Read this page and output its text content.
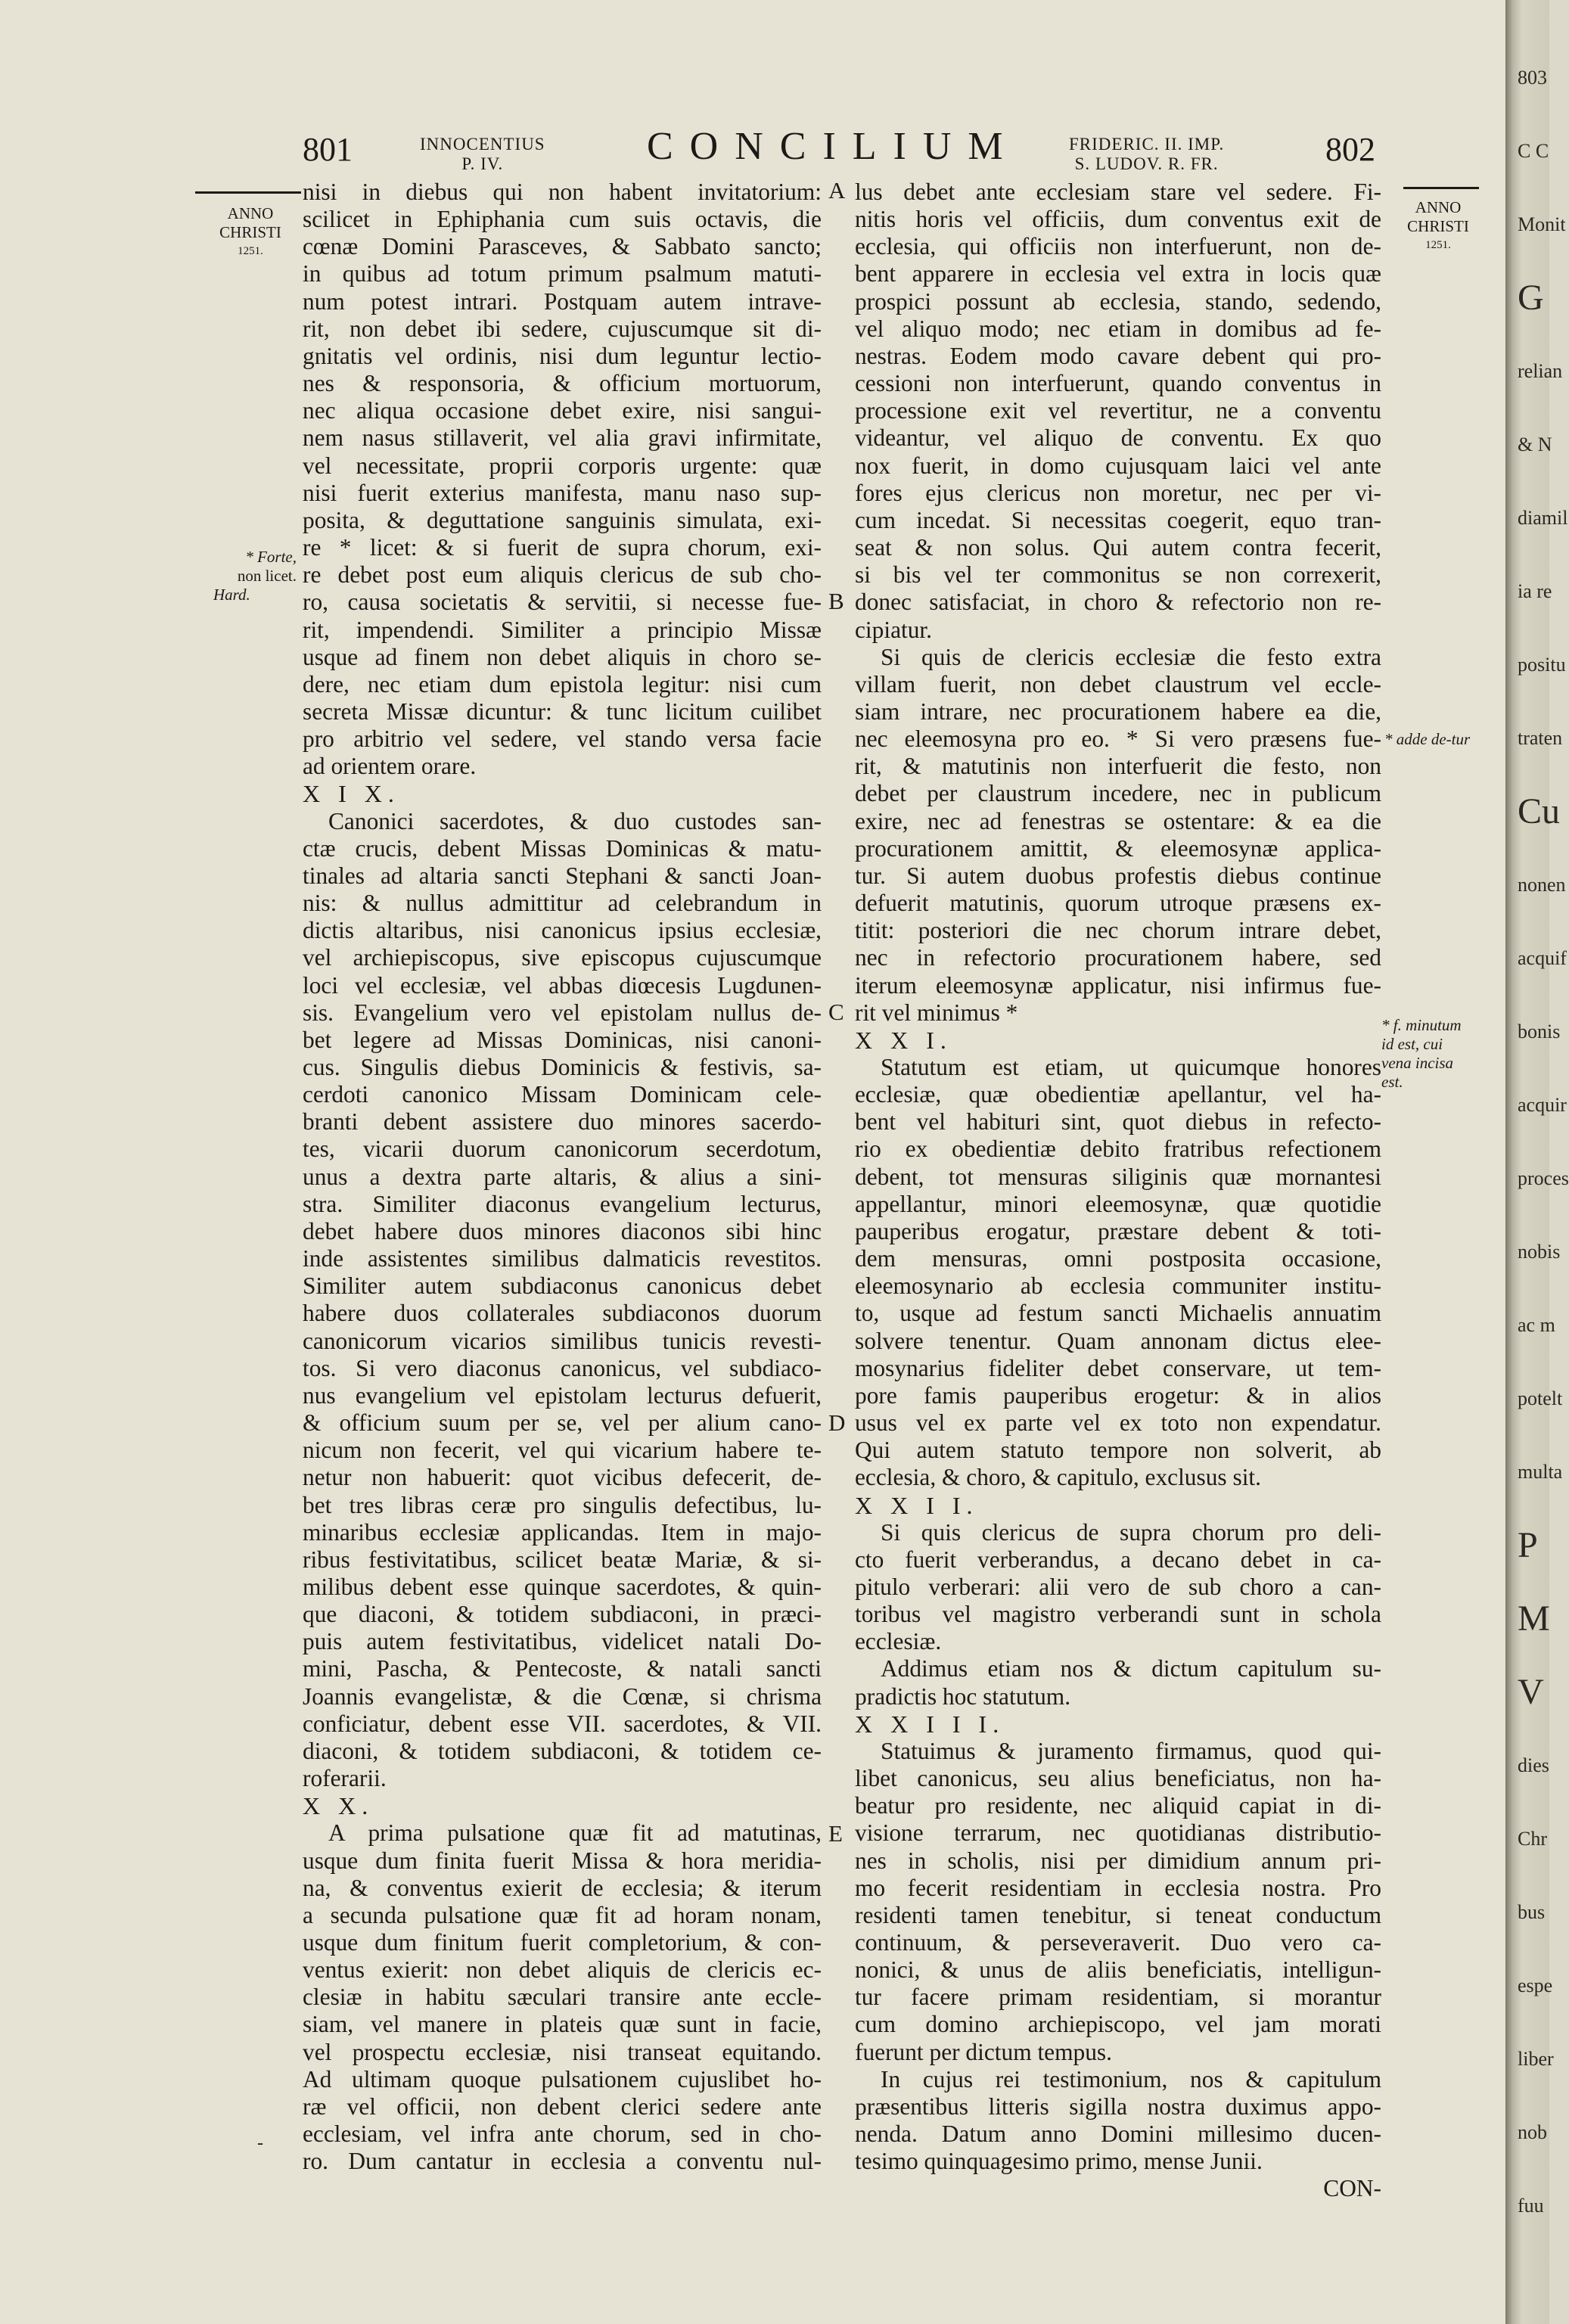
801	INNOCENTIUS
P. IV.	CONCILIUM	FRIDERIC. II. IMP.
S. LUDOV. R. FR.	802
ANNO
CHRISTI
1251.
ANNO
CHRISTI
1251.
* Forte,
non licet.
Hard.
* adde de-tur
* f. minutum
id est, cui
vena incisa
est.
-
A
B
C
D
E

nisi in diebus qui non habent invitatorium:

scilicet in Ephiphania cum suis octavis, die

cœnæ Domini Parasceves, & Sabbato sancto;

in quibus ad totum primum psalmum matuti-

num potest intrari. Postquam autem intrave-

rit, non debet ibi sedere, cujuscumque sit di-

gnitatis vel ordinis, nisi dum leguntur lectio-

nes & responsoria, & officium mortuorum,

nec aliqua occasione debet exire, nisi sangui-

nem nasus stillaverit, vel alia gravi infirmitate,

vel necessitate, proprii corporis urgente: quæ

nisi fuerit exterius manifesta, manu naso sup-

posita, & deguttatione sanguinis simulata, exi-

re * licet: & si fuerit de supra chorum, exi-

re debet post eum aliquis clericus de sub cho-

ro, causa societatis & servitii, si necesse fue-

rit, impendendi. Similiter a principio Missæ

usque ad finem non debet aliquis in choro se-

dere, nec etiam dum epistola legitur: nisi cum

secreta Missæ dicuntur: & tunc licitum cuilibet

pro arbitrio vel sedere, vel stando versa facie

ad orientem orare.

X I X.

Canonici sacerdotes, & duo custodes san-

ctæ crucis, debent Missas Dominicas & matu-

tinales ad altaria sancti Stephani & sancti Joan-

nis: & nullus admittitur ad celebrandum in

dictis altaribus, nisi canonicus ipsius ecclesiæ,

vel archiepiscopus, sive episcopus cujuscumque

loci vel ecclesiæ, vel abbas diœcesis Lugdunen-

sis. Evangelium vero vel epistolam nullus de-

bet legere ad Missas Dominicas, nisi canoni-

cus. Singulis diebus Dominicis & festivis, sa-

cerdoti canonico Missam Dominicam cele-

branti debent assistere duo minores sacerdo-

tes, vicarii duorum canonicorum secerdotum,

unus a dextra parte altaris, & alius a sini-

stra. Similiter diaconus evangelium lecturus,

debet habere duos minores diaconos sibi hinc

inde assistentes similibus dalmaticis revestitos.

Similiter autem subdiaconus canonicus debet

habere duos collaterales subdiaconos duorum

canonicorum vicarios similibus tunicis revesti-

tos. Si vero diaconus canonicus, vel subdiaco-

nus evangelium vel epistolam lecturus defuerit,

& officium suum per se, vel per alium cano-

nicum non fecerit, vel qui vicarium habere te-

netur non habuerit: quot vicibus defecerit, de-

bet tres libras ceræ pro singulis defectibus, lu-

minaribus ecclesiæ applicandas. Item in majo-

ribus festivitatibus, scilicet beatæ Mariæ, & si-

milibus debent esse quinque sacerdotes, & quin-

que diaconi, & totidem subdiaconi, in præci-

puis autem festivitatibus, videlicet natali Do-

mini, Pascha, & Pentecoste, & natali sancti

Joannis evangelistæ, & die Cœnæ, si chrisma

conficiatur, debent esse VII. sacerdotes, & VII.

diaconi, & totidem subdiaconi, & totidem ce-

roferarii.

X X.

A prima pulsatione quæ fit ad matutinas,

usque dum finita fuerit Missa & hora meridia-

na, & conventus exierit de ecclesia; & iterum

a secunda pulsatione quæ fit ad horam nonam,

usque dum finitum fuerit completorium, & con-

ventus exierit: non debet aliquis de clericis ec-

clesiæ in habitu sæculari transire ante eccle-

siam, vel manere in plateis quæ sunt in facie,

vel prospectu ecclesiæ, nisi transeat equitando.

Ad ultimam quoque pulsationem cujuslibet ho-

ræ vel officii, non debent clerici sedere ante

ecclesiam, vel infra ante chorum, sed in cho-

ro. Dum cantatur in ecclesia a conventu nul-

lus debet ante ecclesiam stare vel sedere. Fi-

nitis horis vel officiis, dum conventus exit de

ecclesia, qui officiis non interfuerunt, non de-

bent apparere in ecclesia vel extra in locis quæ

prospici possunt ab ecclesia, stando, sedendo,

vel aliquo modo; nec etiam in domibus ad fe-

nestras. Eodem modo cavare debent qui pro-

cessioni non interfuerunt, quando conventus in

processione exit vel revertitur, ne a conventu

videantur, vel aliquo de conventu. Ex quo

nox fuerit, in domo cujusquam laici vel ante

fores ejus clericus non moretur, nec per vi-

cum incedat. Si necessitas coegerit, equo tran-

seat & non solus. Qui autem contra fecerit,

si bis vel ter commonitus se non correxerit,

donec satisfaciat, in choro & refectorio non re-

cipiatur.

Si quis de clericis ecclesiæ die festo extra

villam fuerit, non debet claustrum vel eccle-

siam intrare, nec procurationem habere ea die,

nec eleemosyna pro eo. * Si vero præsens fue-

rit, & matutinis non interfuerit die festo, non

debet per claustrum incedere, nec in publicum

exire, nec ad fenestras se ostentare: & ea die

procurationem amittit, & eleemosynæ applica-

tur. Si autem duobus profestis diebus continue

defuerit matutinis, quorum utroque præsens ex-

titit: posteriori die nec chorum intrare debet,

nec in refectorio procurationem habere, sed

iterum eleemosynæ applicatur, nisi infirmus fue-

rit vel minimus *

X X I.

Statutum est etiam, ut quicumque honores

ecclesiæ, quæ obedientiæ apellantur, vel ha-

bent vel habituri sint, quot diebus in refecto-

rio ex obedientiæ debito fratribus refectionem

debent, tot mensuras siliginis quæ mornantesi

appellantur, minori eleemosynæ, quæ quotidie

pauperibus erogatur, præstare debent & toti-

dem mensuras, omni postposita occasione,

eleemosynario ab ecclesia communiter institu-

to, usque ad festum sancti Michaelis annuatim

solvere tenentur. Quam annonam dictus elee-

mosynarius fideliter debet conservare, ut tem-

pore famis pauperibus erogetur: & in alios

usus vel ex parte vel ex toto non expendatur.

Qui autem statuto tempore non solverit, ab

ecclesia, & choro, & capitulo, exclusus sit.

X X I I.

Si quis clericus de supra chorum pro deli-

cto fuerit verberandus, a decano debet in ca-

pitulo verberari: alii vero de sub choro a can-

toribus vel magistro verberandi sunt in schola

ecclesiæ.

Addimus etiam nos & dictum capitulum su-

pradictis hoc statutum.

X X I I I.

Statuimus & juramento firmamus, quod qui-

libet canonicus, seu alius beneficiatus, non ha-

beatur pro residente, nec aliquid capiat in di-

visione terrarum, nec quotidianas distributio-

nes in scholis, nisi per dimidium annum pri-

mo fecerit residentiam in ecclesia nostra. Pro

residenti tamen tenebitur, si teneat conductum

continuum, & perseveraverit. Duo vero ca-

nonici, & unus de aliis beneficiatis, intelligun-

tur facere primam residentiam, si morantur

cum domino archiepiscopo, vel jam morati

fuerunt per dictum tempus.

In cujus rei testimonium, nos & capitulum

præsentibus litteris sigilla nostra duximus appo-

nenda. Datum anno Domini millesimo ducen-

tesimo quinquagesimo primo, mense Junii.

CON-

803
C C
Monit
G
relian
& N
diamil
ia re
positu
traten
Cu
nonen
acquif
bonis
acquir
proces
nobis
ac m
potelt
multa
P
M
V
dies
Chr
bus
espe
liber
nob
fuu
